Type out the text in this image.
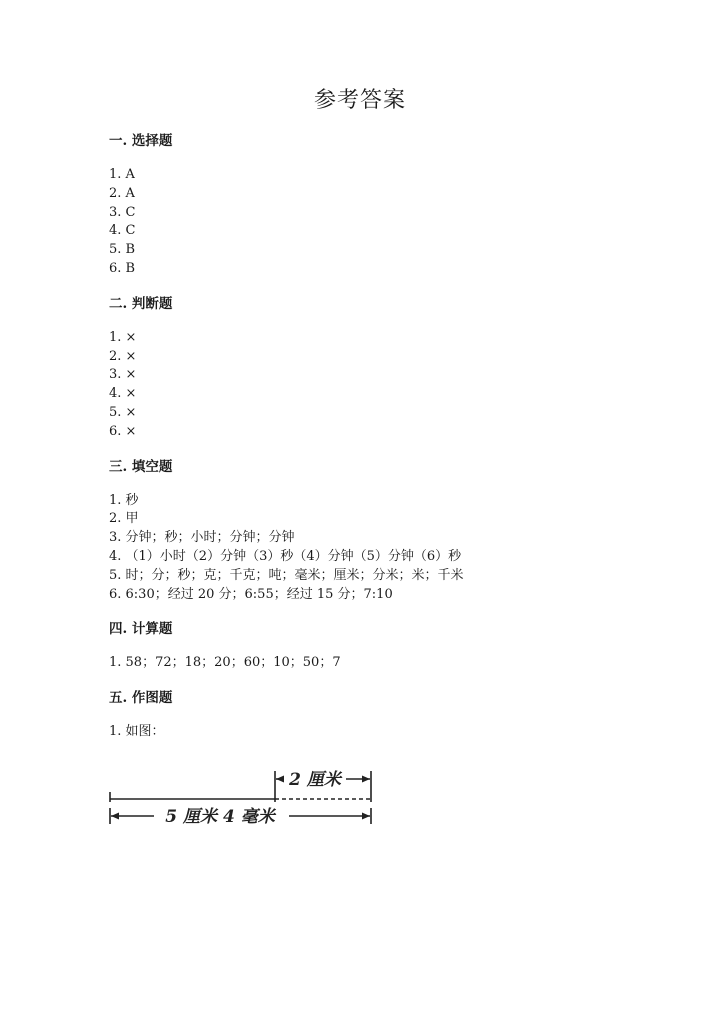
参考答案
一. 选择题
1. A
2. A
3. C
4. C
5. B
6. B
二. 判断题
1. ×
2. ×
3. ×
4. ×
5. ×
6. ×
三. 填空题
1. 秒
2. 甲
3. 分钟；秒；小时；分钟；分钟
4. （1）小时（2）分钟（3）秒（4）分钟（5）分钟（6）秒
5. 时；分；秒；克；千克；吨；毫米；厘米；分米；米；千米
6. 6:30；经过 20 分；6:55；经过 15 分；7:10
四. 计算题
1. 58；72；18；20；60；10；50；7
五. 作图题
1. 如图：
2 厘米
5 厘米 4 毫米
